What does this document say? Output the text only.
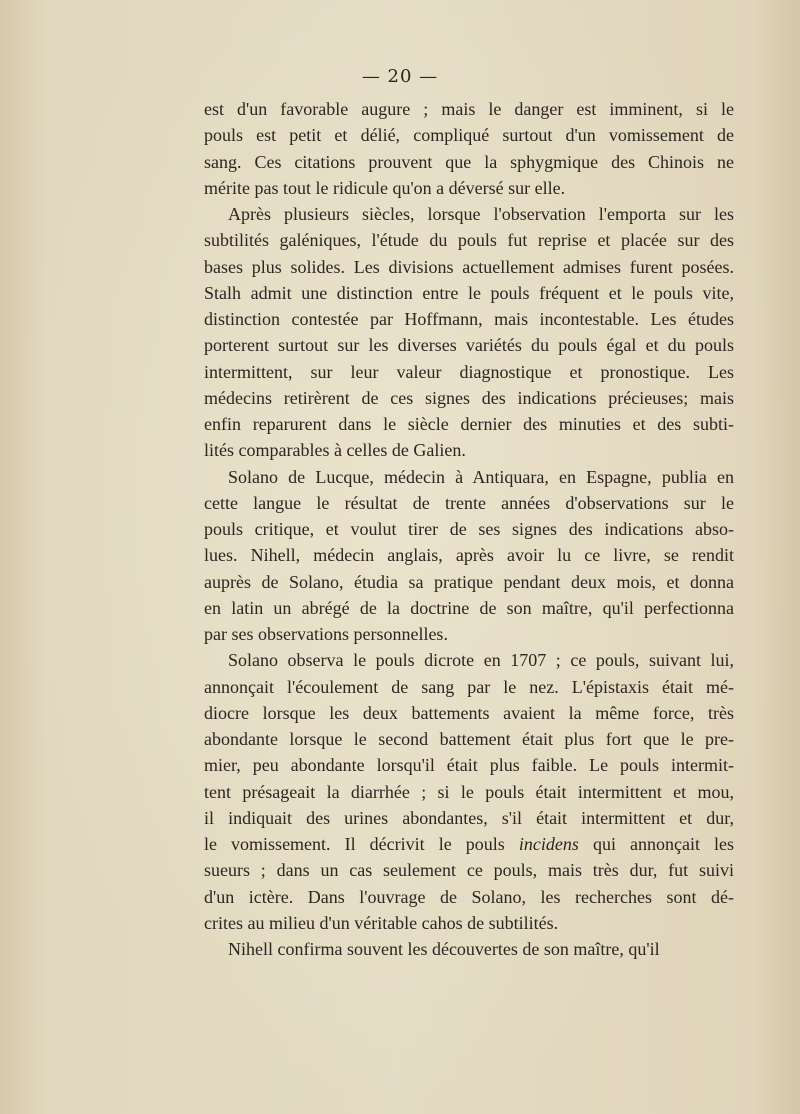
— 20 —
est d'un favorable augure ; mais le danger est imminent, si le
pouls est petit et délié, compliqué surtout d'un vomissement de
sang. Ces citations prouvent que la sphygmique des Chinois ne
mérite pas tout le ridicule qu'on a déversé sur elle.
Après plusieurs siècles, lorsque l'observation l'emporta sur les
subtilités galéniques, l'étude du pouls fut reprise et placée sur des
bases plus solides. Les divisions actuellement admises furent posées.
Stalh admit une distinction entre le pouls fréquent et le pouls vite,
distinction contestée par Hoffmann, mais incontestable. Les études
porterent surtout sur les diverses variétés du pouls égal et du pouls
intermittent, sur leur valeur diagnostique et pronostique. Les
médecins retirèrent de ces signes des indications précieuses; mais
enfin reparurent dans le siècle dernier des minuties et des subti-
lités comparables à celles de Galien.
Solano de Lucque, médecin à Antiquara, en Espagne, publia en
cette langue le résultat de trente années d'observations sur le
pouls critique, et voulut tirer de ses signes des indications abso-
lues. Nihell, médecin anglais, après avoir lu ce livre, se rendit
auprès de Solano, étudia sa pratique pendant deux mois, et donna
en latin un abrégé de la doctrine de son maître, qu'il perfectionna
par ses observations personnelles.
Solano observa le pouls dicrote en 1707 ; ce pouls, suivant lui,
annonçait l'écoulement de sang par le nez. L'épistaxis était mé-
diocre lorsque les deux battements avaient la même force, très
abondante lorsque le second battement était plus fort que le pre-
mier, peu abondante lorsqu'il était plus faible. Le pouls intermit-
tent présageait la diarrhée ; si le pouls était intermittent et mou,
il indiquait des urines abondantes, s'il était intermittent et dur,
le vomissement. Il décrivit le pouls incidens qui annonçait les
sueurs ; dans un cas seulement ce pouls, mais très dur, fut suivi
d'un ictère. Dans l'ouvrage de Solano, les recherches sont dé-
crites au milieu d'un véritable cahos de subtilités.
Nihell confirma souvent les découvertes de son maître, qu'il
